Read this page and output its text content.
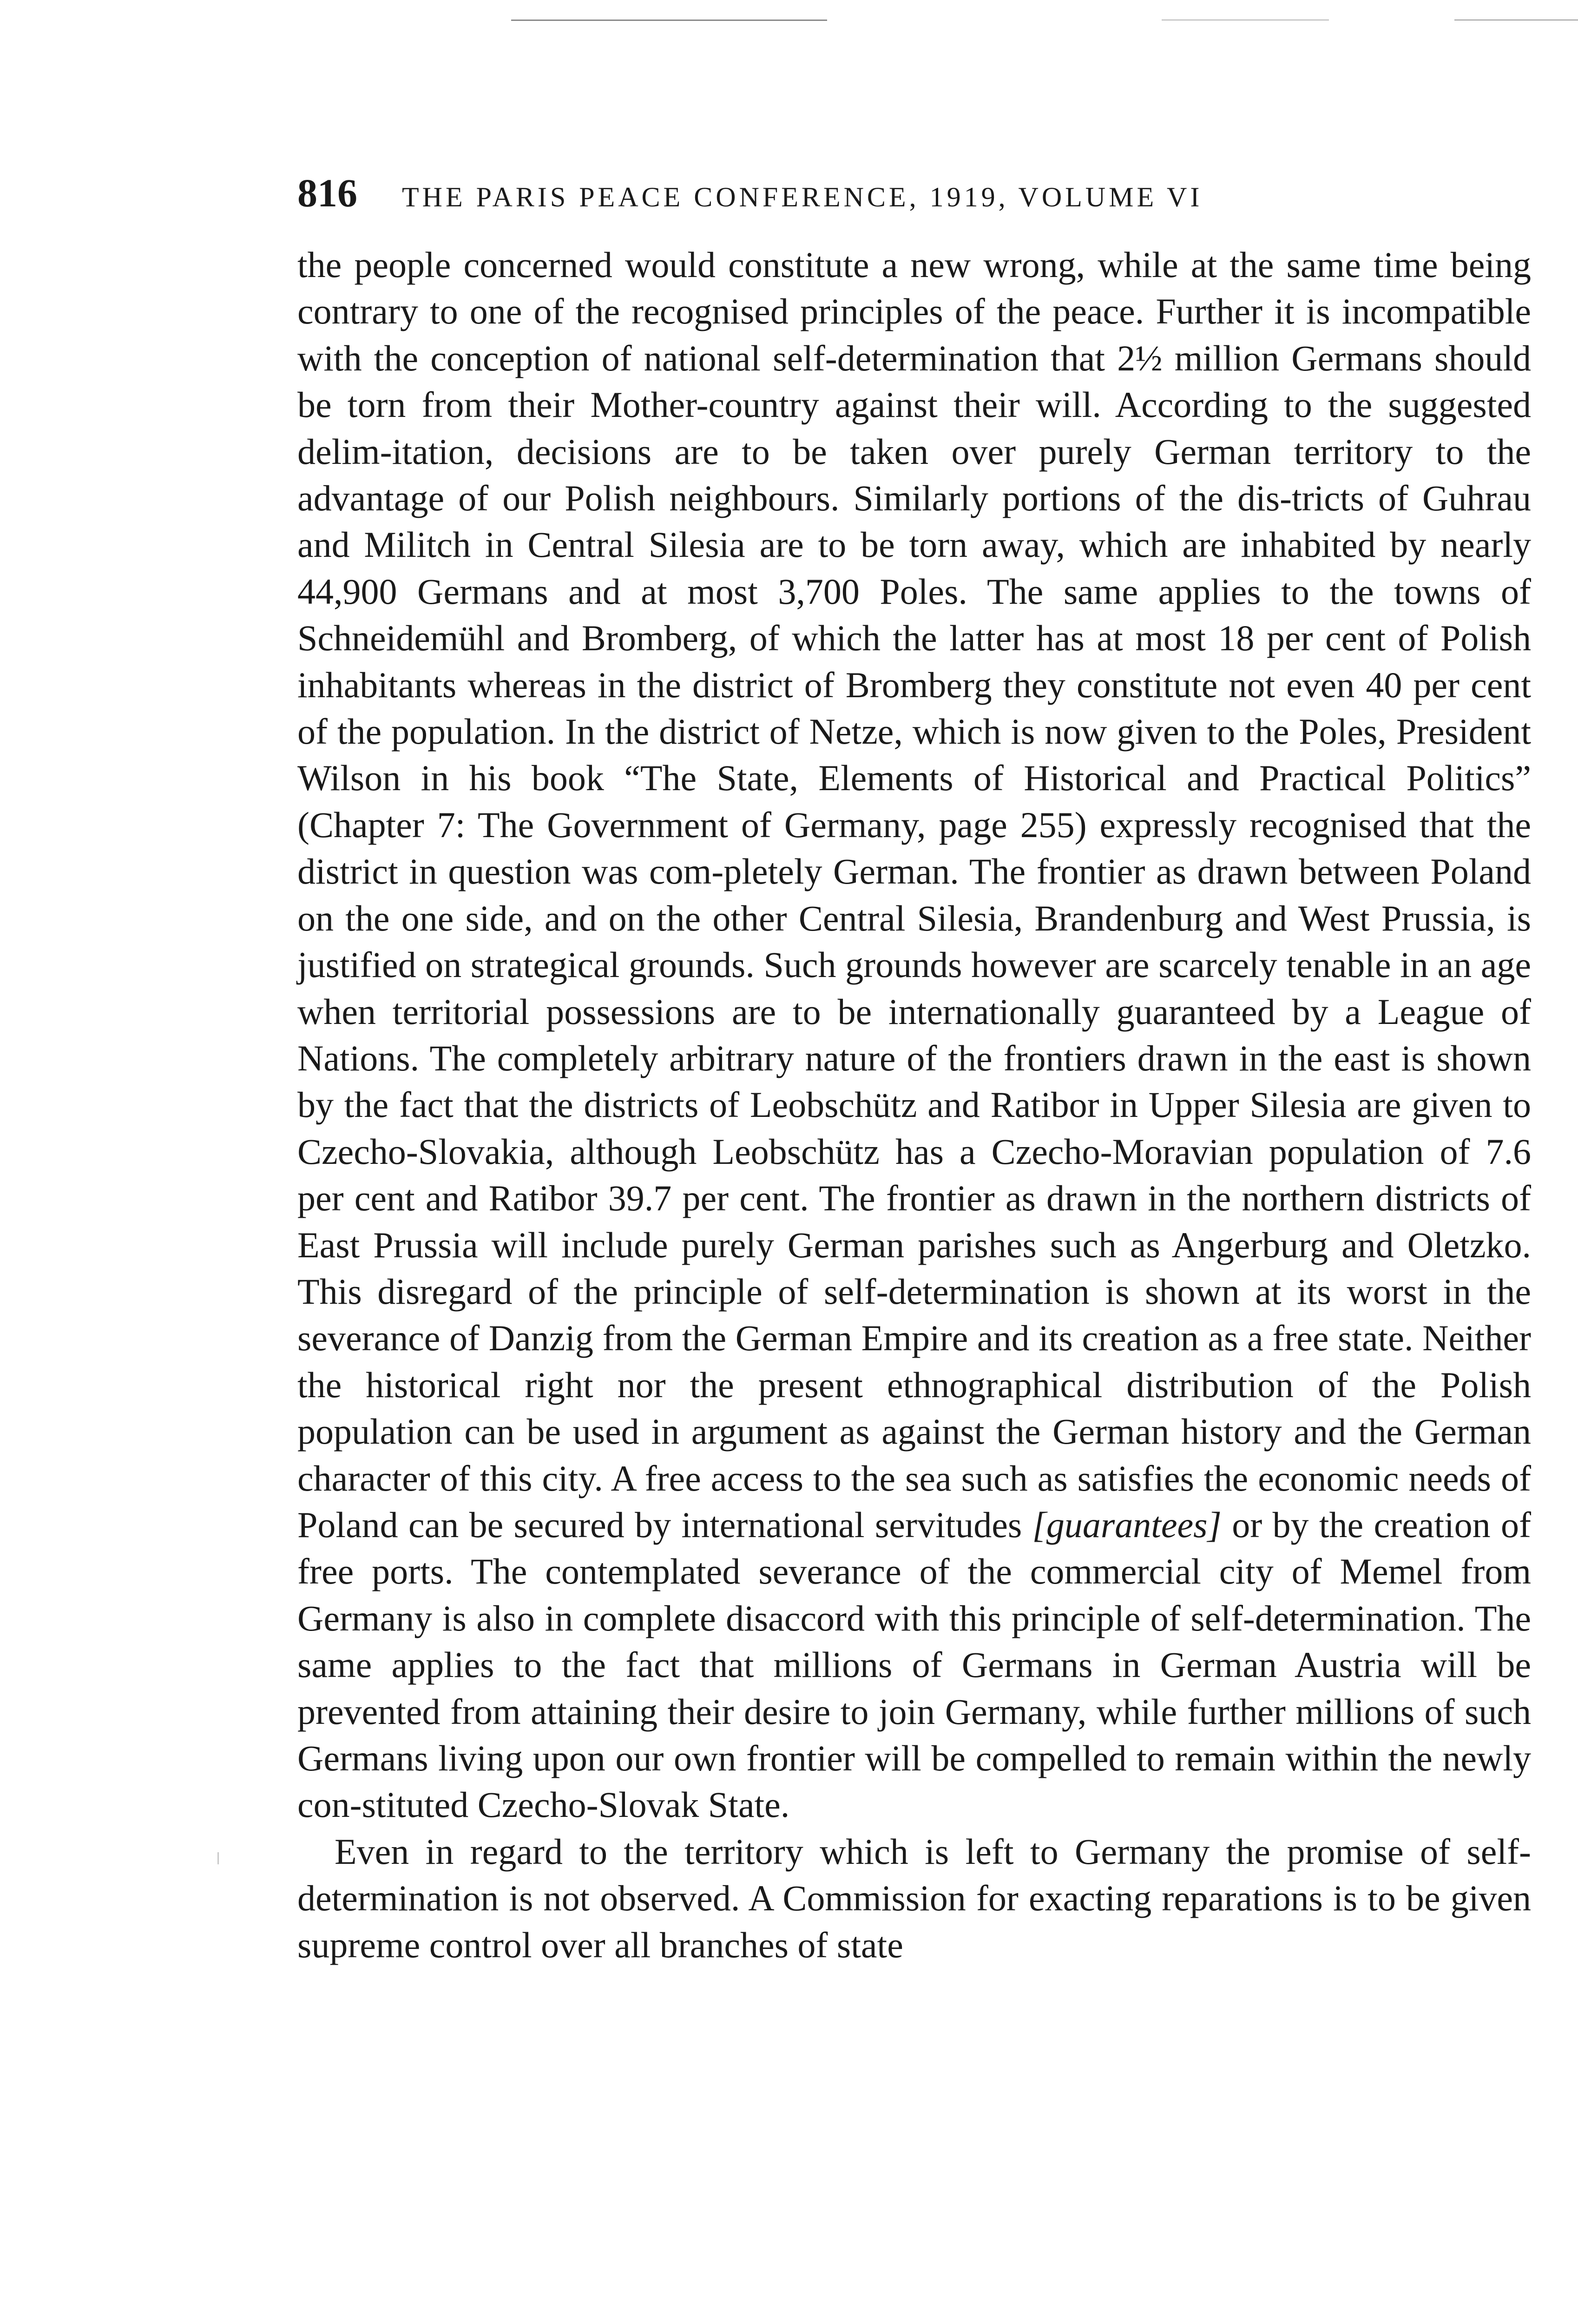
816 THE PARIS PEACE CONFERENCE, 1919, VOLUME VI

the people concerned would constitute a new wrong, while at the same time being contrary to one of the recognised principles of the peace. Further it is incompatible with the conception of national self-determination that 2½ million Germans should be torn from their Mother-country against their will. According to the suggested delim-itation, decisions are to be taken over purely German territory to the advantage of our Polish neighbours. Similarly portions of the dis-tricts of Guhrau and Militch in Central Silesia are to be torn away, which are inhabited by nearly 44,900 Germans and at most 3,700 Poles. The same applies to the towns of Schneidemühl and Bromberg, of which the latter has at most 18 per cent of Polish inhabitants whereas in the district of Bromberg they constitute not even 40 per cent of the population. In the district of Netze, which is now given to the Poles, President Wilson in his book “The State, Elements of Historical and Practical Politics” (Chapter 7: The Government of Germany, page 255) expressly recognised that the district in question was com-pletely German. The frontier as drawn between Poland on the one side, and on the other Central Silesia, Brandenburg and West Prussia, is justified on strategical grounds. Such grounds however are scarcely tenable in an age when territorial possessions are to be internationally guaranteed by a League of Nations. The completely arbitrary nature of the frontiers drawn in the east is shown by the fact that the districts of Leobschütz and Ratibor in Upper Silesia are given to Czecho-Slovakia, although Leobschütz has a Czecho-Moravian population of 7.6 per cent and Ratibor 39.7 per cent. The frontier as drawn in the northern districts of East Prussia will include purely German parishes such as Angerburg and Oletzko. This disregard of the principle of self-determination is shown at its worst in the severance of Danzig from the German Empire and its creation as a free state. Neither the historical right nor the present ethnographical distribution of the Polish population can be used in argument as against the German history and the German character of this city. A free access to the sea such as satisfies the economic needs of Poland can be secured by international servitudes [guarantees] or by the creation of free ports. The contemplated severance of the commercial city of Memel from Germany is also in complete disaccord with this principle of self-determination. The same applies to the fact that millions of Germans in German Austria will be prevented from attaining their desire to join Germany, while further millions of such Germans living upon our own frontier will be compelled to remain within the newly con-stituted Czecho-Slovak State.

Even in regard to the territory which is left to Germany the promise of self-determination is not observed. A Commission for exacting reparations is to be given supreme control over all branches of state
